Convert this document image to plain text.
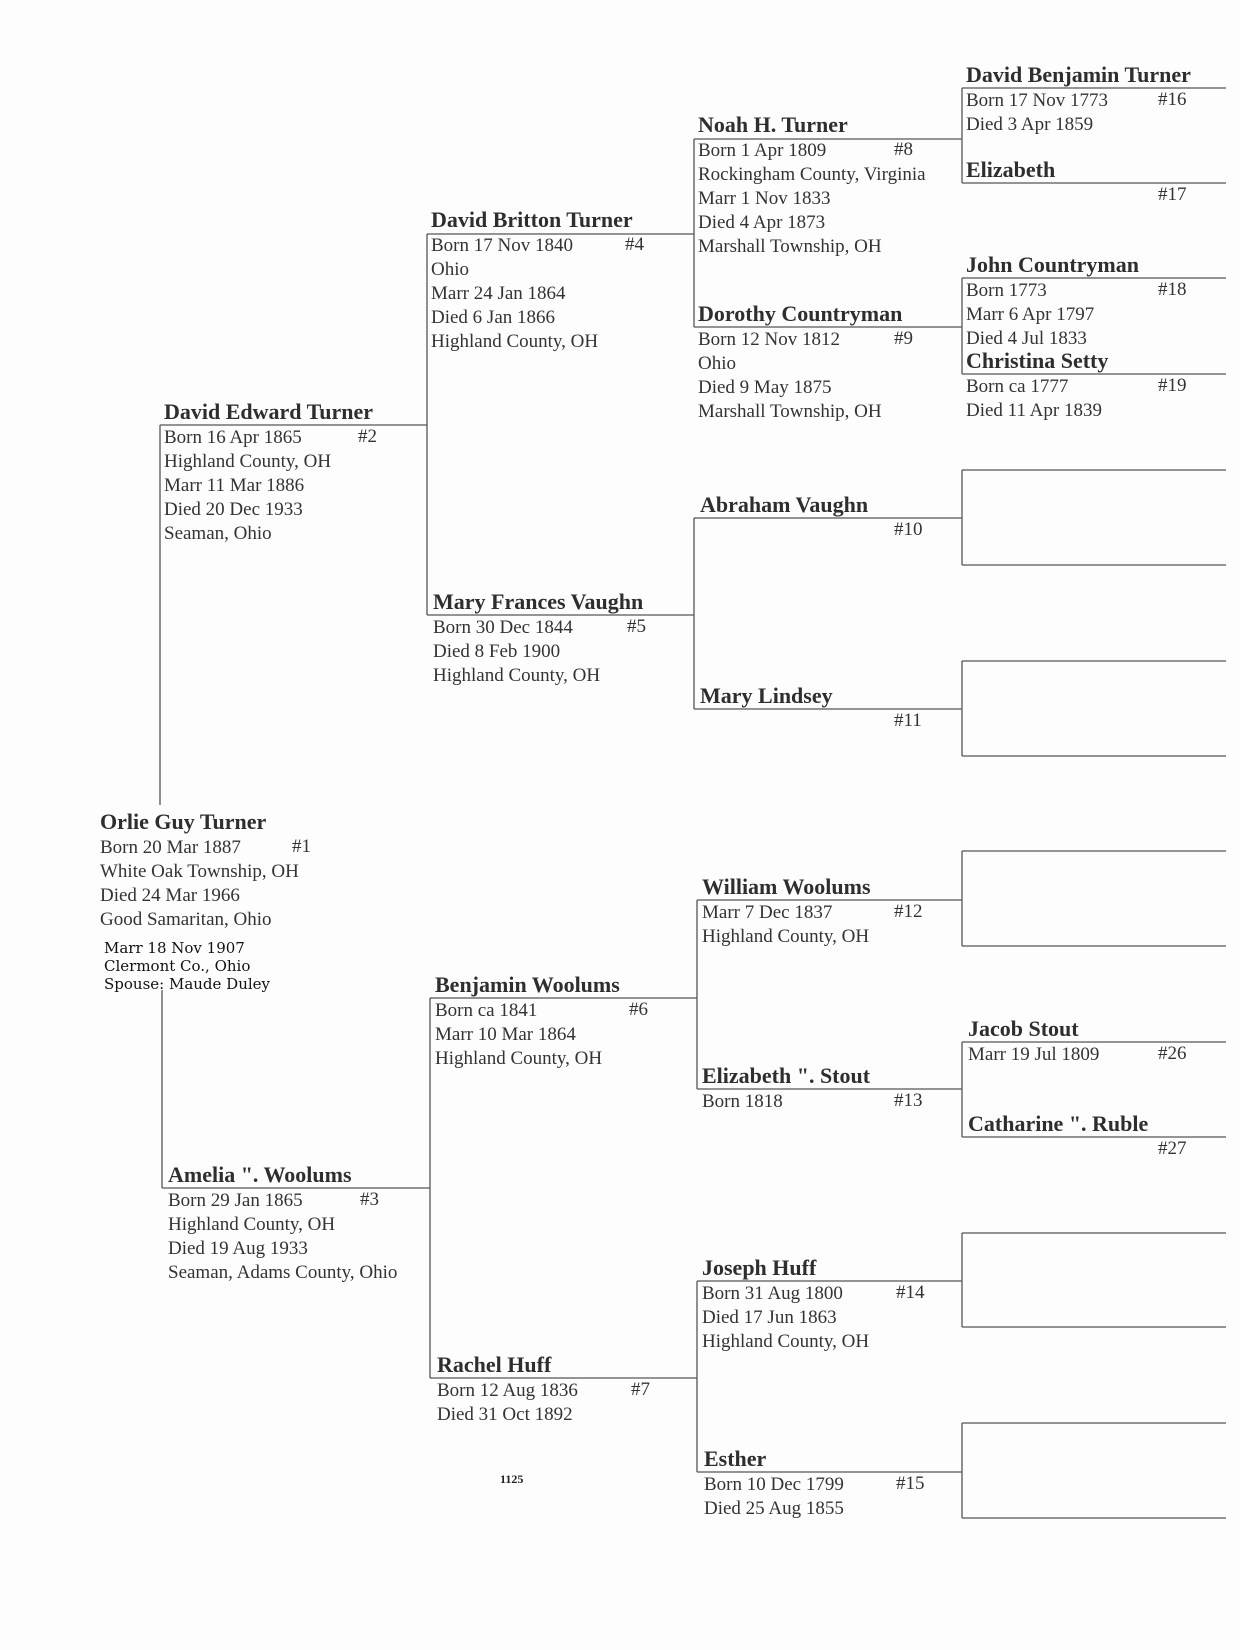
Orlie Guy Turner
#1
Born 20 Mar 1887
White Oak Township, OH
Died 24 Mar 1966
Good Samaritan, Ohio
Marr 18 Nov 1907
Clermont Co., Ohio
Spouse: Maude Duley
David Edward Turner
#2
Born 16 Apr 1865
Highland County, OH
Marr 11 Mar 1886
Died 20 Dec 1933
Seaman, Ohio
Amelia ". Woolums
#3
Born 29 Jan 1865
Highland County, OH
Died 19 Aug 1933
Seaman, Adams County, Ohio
David Britton Turner
#4
Born 17 Nov 1840
Ohio
Marr 24 Jan 1864
Died 6 Jan 1866
Highland County, OH
Mary Frances Vaughn
#5
Born 30 Dec 1844
Died 8 Feb 1900
Highland County, OH
Benjamin Woolums
#6
Born ca 1841
Marr 10 Mar 1864
Highland County, OH
Rachel Huff
#7
Born 12 Aug 1836
Died 31 Oct 1892
Noah H. Turner
#8
Born 1 Apr 1809
Rockingham County, Virginia
Marr 1 Nov 1833
Died 4 Apr 1873
Marshall Township, OH
Dorothy Countryman
#9
Born 12 Nov 1812
Ohio
Died 9 May 1875
Marshall Township, OH
Abraham Vaughn
#10
Mary Lindsey
#11
William Woolums
#12
Marr 7 Dec 1837
Highland County, OH
Elizabeth ". Stout
#13
Born 1818
Joseph Huff
#14
Born 31 Aug 1800
Died 17 Jun 1863
Highland County, OH
Esther
#15
Born 10 Dec 1799
Died 25 Aug 1855
David Benjamin Turner
#16
Born 17 Nov 1773
Died 3 Apr 1859
Elizabeth
#17
John Countryman
#18
Born 1773
Marr 6 Apr 1797
Died 4 Jul 1833
Christina Setty
#19
Born ca 1777
Died 11 Apr 1839
Jacob Stout
#26
Marr 19 Jul 1809
Catharine ". Ruble
#27
1125
